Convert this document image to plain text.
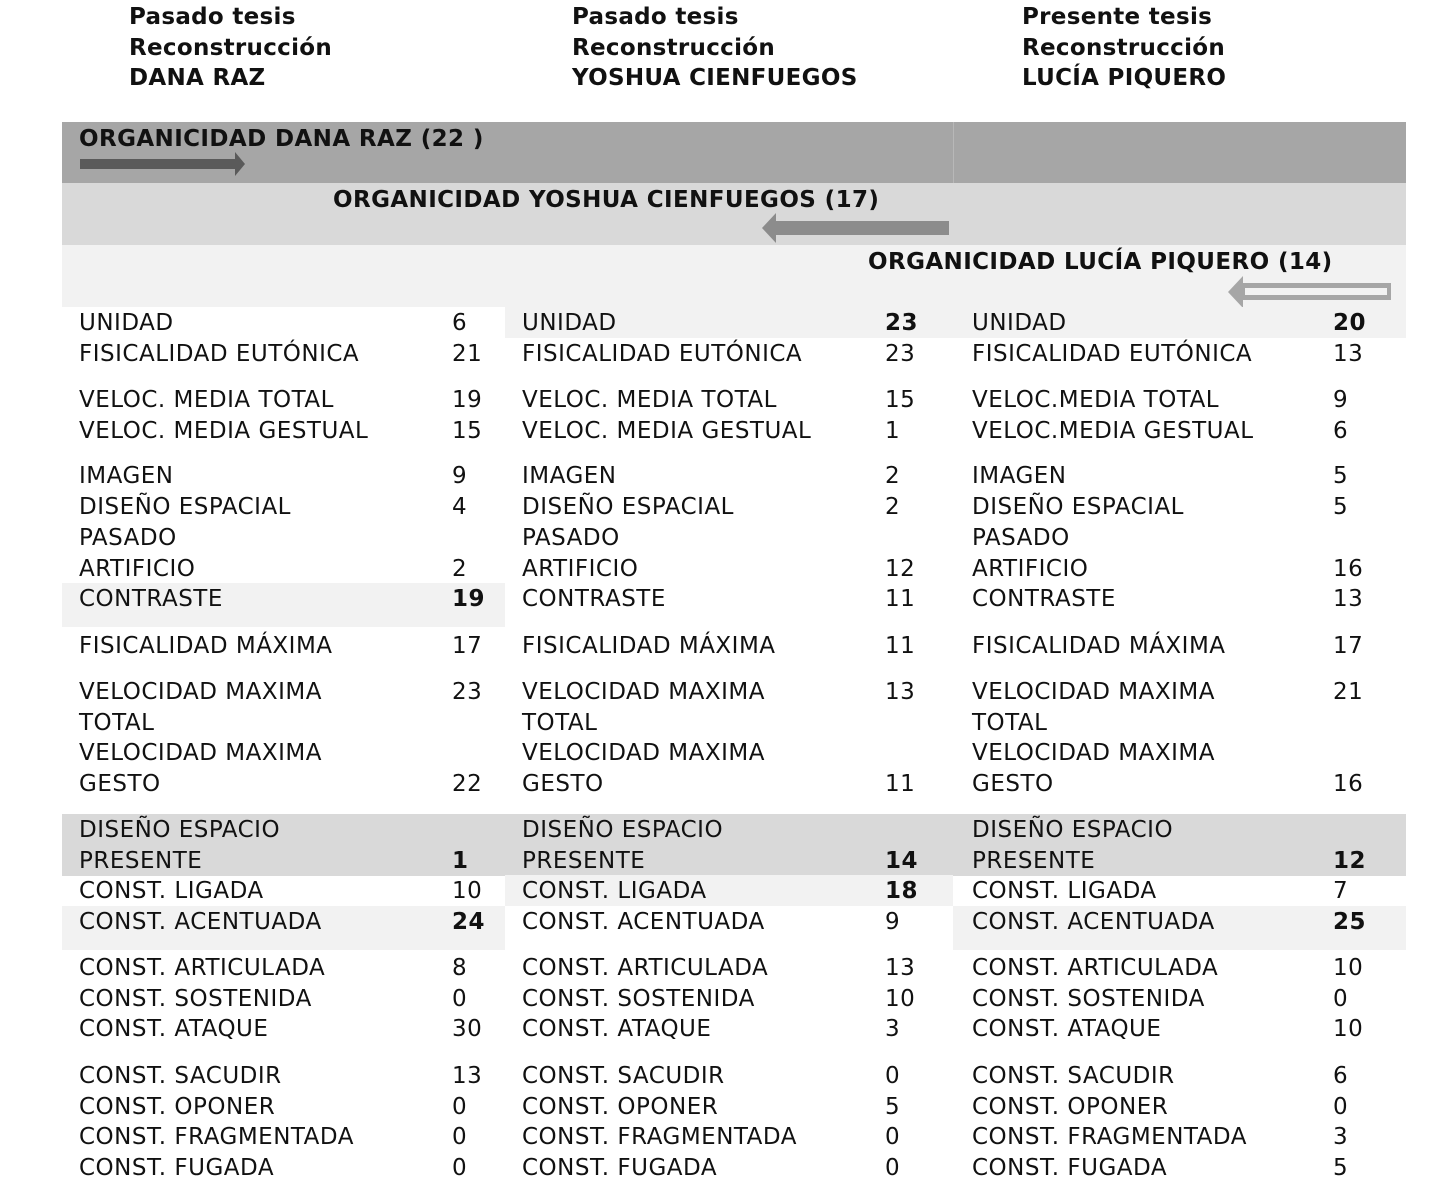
Pasado tesis
Reconstrucción
DANA RAZ
Pasado tesis
Reconstrucción
YOSHUA CIENFUEGOS
Presente tesis
Reconstrucción
LUCÍA PIQUERO
ORGANICIDAD DANA RAZ (22 )
ORGANICIDAD YOSHUA CIENFUEGOS (17)
ORGANICIDAD LUCÍA PIQUERO (14)
UNIDAD	6
FISICALIDAD EUTÓNICA	21
VELOC. MEDIA TOTAL	19
VELOC. MEDIA GESTUAL	15
IMAGEN	9
DISEÑO ESPACIAL	4
PASADO
ARTIFICIO	2
CONTRASTE	19
FISICALIDAD MÁXIMA	17
VELOCIDAD MAXIMA	23
TOTAL
VELOCIDAD MAXIMA
GESTO	22
DISEÑO ESPACIO
PRESENTE	1
CONST. LIGADA	10
CONST. ACENTUADA	24
CONST. ARTICULADA	8
CONST. SOSTENIDA	0
CONST. ATAQUE	30
CONST. SACUDIR	13
CONST. OPONER	0
CONST. FRAGMENTADA	0
CONST. FUGADA	0
UNIDAD	23
FISICALIDAD EUTÓNICA	23
VELOC. MEDIA TOTAL	15
VELOC. MEDIA GESTUAL	1
IMAGEN	2
DISEÑO ESPACIAL	2
PASADO
ARTIFICIO	12
CONTRASTE	11
FISICALIDAD MÁXIMA	11
VELOCIDAD MAXIMA	13
TOTAL
VELOCIDAD MAXIMA
GESTO	11
DISEÑO ESPACIO
PRESENTE	14
CONST. LIGADA	18
CONST. ACENTUADA	9
CONST. ARTICULADA	13
CONST. SOSTENIDA	10
CONST. ATAQUE	3
CONST. SACUDIR	0
CONST. OPONER	5
CONST. FRAGMENTADA	0
CONST. FUGADA	0
UNIDAD	20
FISICALIDAD EUTÓNICA	13
VELOC.MEDIA TOTAL	9
VELOC.MEDIA GESTUAL	6
IMAGEN	5
DISEÑO ESPACIAL	5
PASADO
ARTIFICIO	16
CONTRASTE	13
FISICALIDAD MÁXIMA	17
VELOCIDAD MAXIMA	21
TOTAL
VELOCIDAD MAXIMA
GESTO	16
DISEÑO ESPACIO
PRESENTE	12
CONST. LIGADA	7
CONST. ACENTUADA	25
CONST. ARTICULADA	10
CONST. SOSTENIDA	0
CONST. ATAQUE	10
CONST. SACUDIR	6
CONST. OPONER	0
CONST. FRAGMENTADA	3
CONST. FUGADA	5
